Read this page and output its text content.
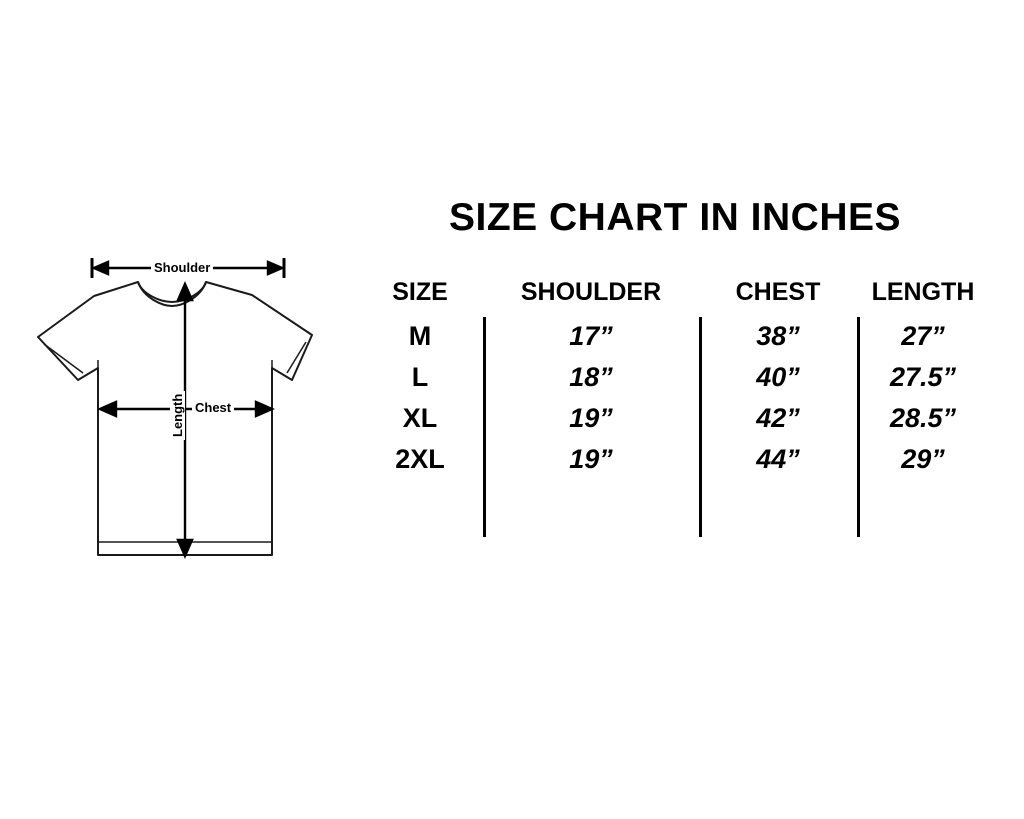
SIZE CHART IN INCHES
Shoulder
Chest
Length

SIZE	SHOULDER	CHEST	LENGTH

M	17”	38”	27”

L	18”	40”	27.5”

XL	19”	42”	28.5”

2XL	19”	44”	29”
